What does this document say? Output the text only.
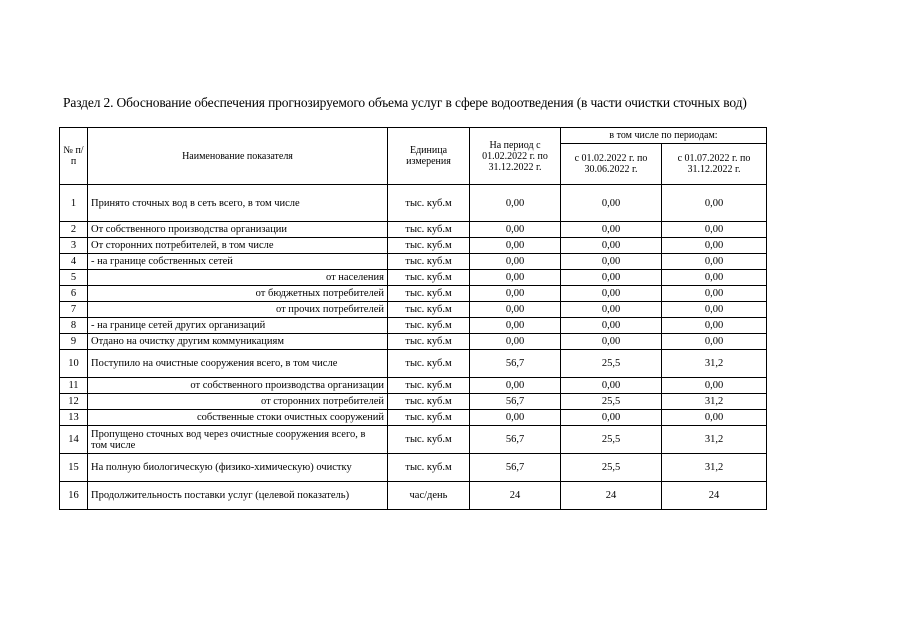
Раздел 2. Обоснование обеспечения прогнозируемого объема услуг в сфере водоотведения (в части очистки сточных вод)
№ п/п	Наименование показателя	Единица измерения	На период с 01.02.2022 г. по 31.12.2022 г.	в том числе по периодам:	
				с 01.02.2022 г. по 30.06.2022 г.	с 01.07.2022 г. по 31.12.2022 г.
1	Принято сточных вод в сеть всего, в том числе	тыс. куб.м	0,00	0,00	0,00
2	От собственного производства организации	тыс. куб.м	0,00	0,00	0,00
3	От сторонних потребителей, в том числе	тыс. куб.м	0,00	0,00	0,00
4	- на границе собственных сетей	тыс. куб.м	0,00	0,00	0,00
5	от населения	тыс. куб.м	0,00	0,00	0,00
6	от бюджетных потребителей	тыс. куб.м	0,00	0,00	0,00
7	от прочих потребителей	тыс. куб.м	0,00	0,00	0,00
8	- на границе сетей других организаций	тыс. куб.м	0,00	0,00	0,00
9	Отдано на очистку другим коммуникациям	тыс. куб.м	0,00	0,00	0,00
10	Поступило на очистные сооружения всего, в том числе	тыс. куб.м	56,7	25,5	31,2
11	от собственного производства организации	тыс. куб.м	0,00	0,00	0,00
12	от сторонних потребителей	тыс. куб.м	56,7	25,5	31,2
13	собственные стоки очистных сооружений	тыс. куб.м	0,00	0,00	0,00
14	Пропущено сточных вод через очистные сооружения всего, в том числе	тыс. куб.м	56,7	25,5	31,2
15	На полную биологическую (физико-химическую) очистку	тыс. куб.м	56,7	25,5	31,2
16	Продолжительность поставки услуг (целевой показатель)	час/день	24	24	24
